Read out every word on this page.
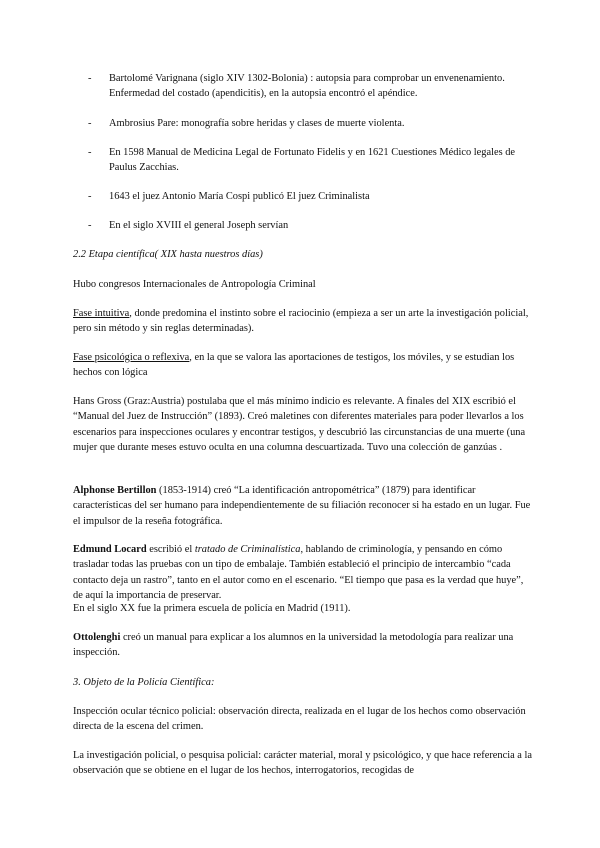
- Bartolomé Varignana (siglo XIV 1302-Bolonia) : autopsia para comprobar un envenenamiento. Enfermedad del costado (apendicitis), en la autopsia encontró el apéndice.
- Ambrosius Pare: monografía sobre heridas y clases de muerte violenta.
- En 1598 Manual de Medicina Legal de Fortunato Fidelis y en 1621 Cuestiones Médico legales de Paulus Zacchias.
- 1643 el juez Antonio María Cospi publicó El juez Criminalista
- En el siglo XVIII el general Joseph servían
2.2 Etapa científica( XIX hasta nuestros días)
Hubo congresos Internacionales de Antropología Criminal
Fase intuitiva, donde predomina el instinto sobre el raciocinio (empieza a ser un arte la investigación policial, pero sin método y sin reglas determinadas).
Fase psicológica o reflexiva, en la que se valora las aportaciones de testigos, los móviles, y se estudian los hechos con lógica
Hans Gross (Graz:Austria) postulaba que el más mínimo indicio es relevante. A finales del XIX escribió el “Manual del Juez de Instrucción” (1893). Creó maletines con diferentes materiales para poder llevarlos a los escenarios para inspecciones oculares y encontrar testigos, y descubrió las circunstancias de una muerte (una mujer que durante meses estuvo oculta en una columna descuartizada. Tuvo una colección de ganzúas .
Alphonse Bertillon (1853-1914) creó “La identificación antropométrica” (1879) para identificar características del ser humano para independientemente de su filiación reconocer si ha estado en un lugar. Fue el impulsor de la reseña fotográfica.
Edmund Locard escribió el tratado de Criminalística, hablando de criminología, y pensando en cómo trasladar todas las pruebas con un tipo de embalaje. También estableció el principio de intercambio “cada contacto deja un rastro”, tanto en el autor como en el escenario. “El tiempo que pasa es la verdad que huye”, de aquí la importancia de preservar.
En el siglo XX fue la primera escuela de policía en Madrid (1911).
Ottolenghi creó un manual para explicar a los alumnos en la universidad la metodología para realizar una inspección.
3. Objeto de la Policía Científica:
Inspección ocular técnico policial: observación directa, realizada en el lugar de los hechos como observación directa de la escena del crimen.
La investigación policial, o pesquisa policial: carácter material, moral y psicológico, y que hace referencia a la observación que se obtiene en el lugar de los hechos, interrogatorios, recogidas de
